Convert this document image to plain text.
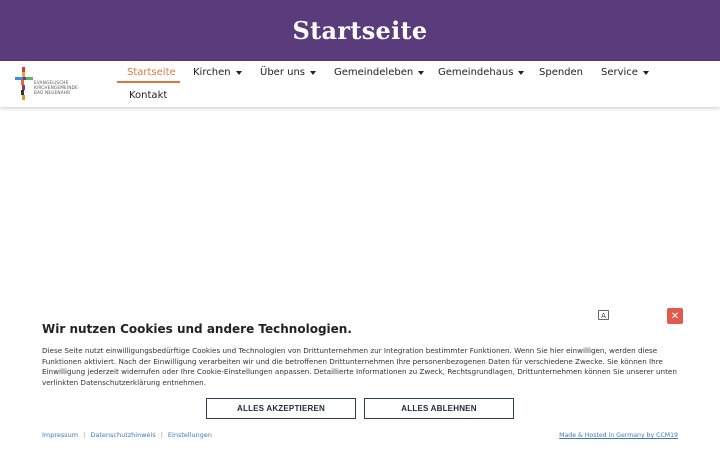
Startseite
EVANGELISCHE
KIRCHENGEMEINDE
BAD NEUENAHR
Startseite Kirchen	Über uns	Gemeindeleben Gemeindehaus	Spenden Service
Kontakt
A	✕
Wir nutzen Cookies und andere Technologien.

Diese Seite nutzt einwilligungsbedürftige Cookies und Technologien von Drittunternehmen zur Integration bestimmter Funktionen. Wenn Sie hier einwilligen, werden diese Funktionen aktiviert. Nach der Einwilligung verarbeiten wir und die betroffenen Drittunternehmen Ihre personenbezogenen Daten für verschiedene Zwecke. Sie können Ihre Einwilligung jederzeit widerrufen oder Ihre Cookie-Einstellungen anpassen. Detaillierte Informationen zu Zweck, Rechtsgrundlagen, Drittunternehmen können Sie unserer unten verlinkten Datenschutzerklärung entnehmen.

ALLES AKZEPTIEREN	ALLES ABLEHNEN
Impressum | Datenschutzhinweis | Einstellungen	Made & Hosted in Germany by CCM19
